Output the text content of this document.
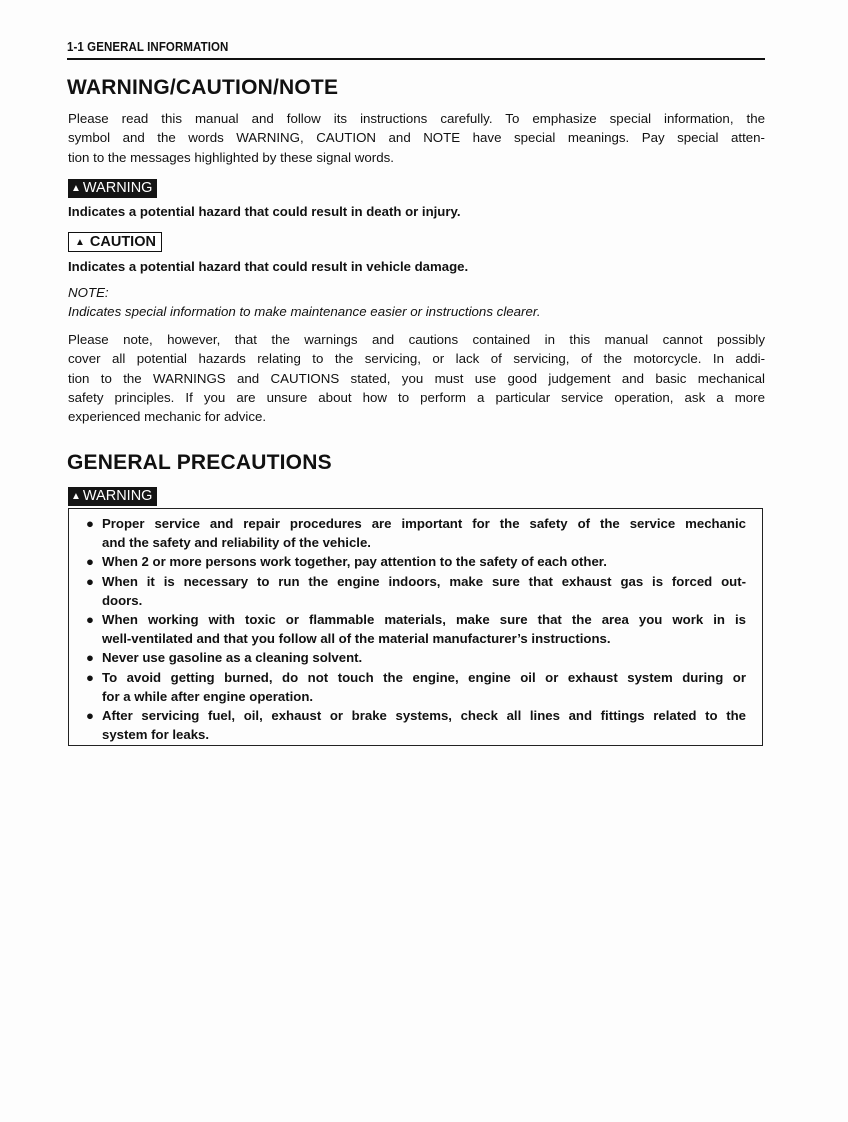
1-1 GENERAL INFORMATION
WARNING/CAUTION/NOTE

Please read this manual and follow its instructions carefully. To emphasize special information, the
symbol and the words WARNING, CAUTION and NOTE have special meanings. Pay special atten-
tion to the messages highlighted by these signal words.

▲ WARNING

Indicates a potential hazard that could result in death or injury.

▲ CAUTION

Indicates a potential hazard that could result in vehicle damage.

NOTE:

Indicates special information to make maintenance easier or instructions clearer.

Please note, however, that the warnings and cautions contained in this manual cannot possibly
cover all potential hazards relating to the servicing, or lack of servicing, of the motorcycle. In addi-
tion to the WARNINGS and CAUTIONS stated, you must use good judgement and basic mechanical
safety principles. If you are unsure about how to perform a particular service operation, ask a more
experienced mechanic for advice.

GENERAL PRECAUTIONS
▲ WARNING
● Proper service and repair procedures are important for the safety of the service mechanic
and the safety and reliability of the vehicle.
● When 2 or more persons work together, pay attention to the safety of each other.
● When it is necessary to run the engine indoors, make sure that exhaust gas is forced out-
doors.
● When working with toxic or flammable materials, make sure that the area you work in is
well-ventilated and that you follow all of the material manufacturer’s instructions.
● Never use gasoline as a cleaning solvent.
● To avoid getting burned, do not touch the engine, engine oil or exhaust system during or
for a while after engine operation.
● After servicing fuel, oil, exhaust or brake systems, check all lines and fittings related to the
system for leaks.
